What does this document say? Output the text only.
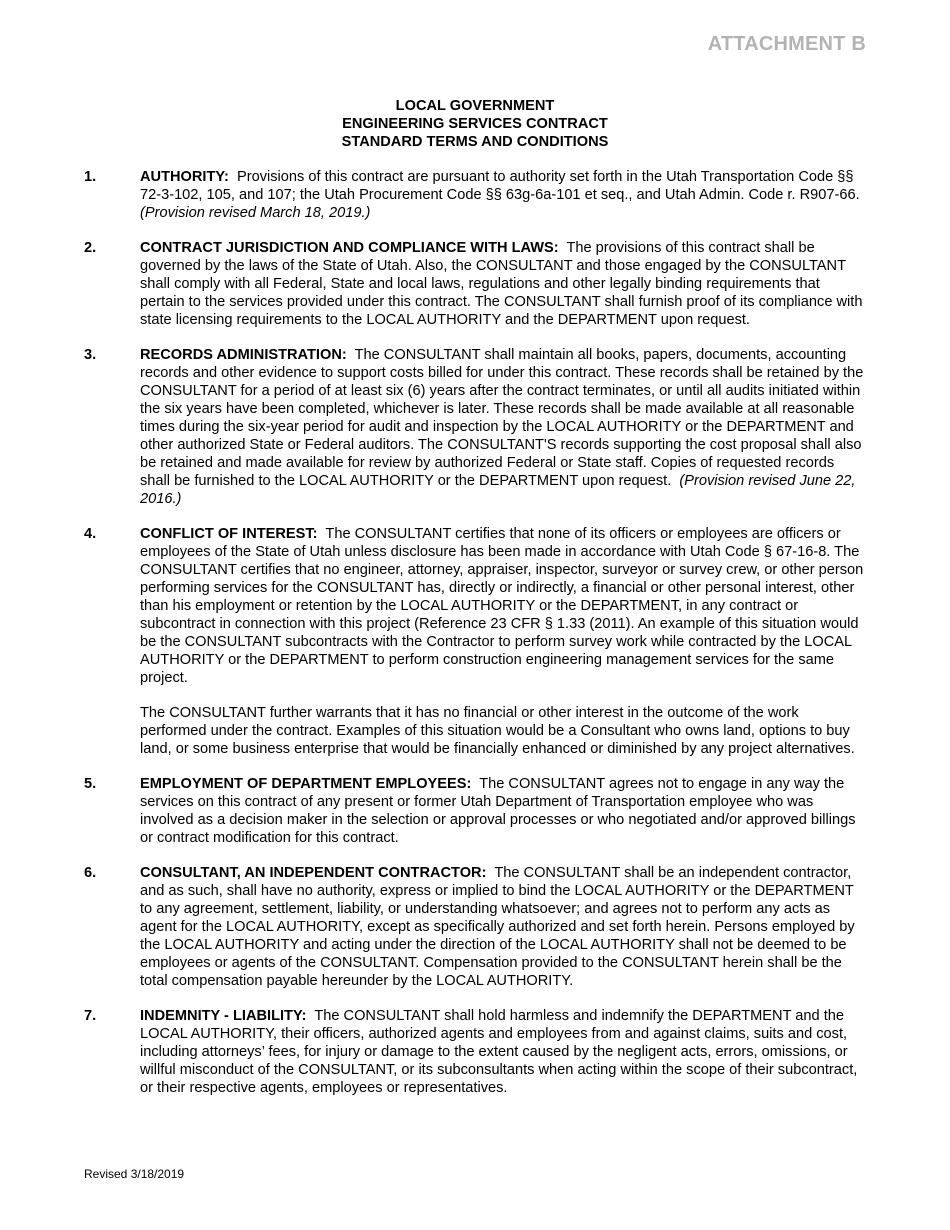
ATTACHMENT B
LOCAL GOVERNMENT
ENGINEERING SERVICES CONTRACT
STANDARD TERMS AND CONDITIONS
1.	AUTHORITY: Provisions of this contract are pursuant to authority set forth in the Utah Transportation Code §§ 72-3-102, 105, and 107; the Utah Procurement Code §§ 63g-6a-101 et seq., and Utah Admin. Code r. R907-66.  (Provision revised March 18, 2019.)
2.	CONTRACT JURISDICTION AND COMPLIANCE WITH LAWS: The provisions of this contract shall be governed by the laws of the State of Utah. Also, the CONSULTANT and those engaged by the CONSULTANT shall comply with all Federal, State and local laws, regulations and other legally binding requirements that pertain to the services provided under this contract. The CONSULTANT shall furnish proof of its compliance with state licensing requirements to the LOCAL AUTHORITY and the DEPARTMENT upon request.
3.	RECORDS ADMINISTRATION: The CONSULTANT shall maintain all books, papers, documents, accounting records and other evidence to support costs billed for under this contract. These records shall be retained by the CONSULTANT for a period of at least six (6) years after the contract terminates, or until all audits initiated within the six years have been completed, whichever is later. These records shall be made available at all reasonable times during the six-year period for audit and inspection by the LOCAL AUTHORITY or the DEPARTMENT and other authorized State or Federal auditors. The CONSULTANT'S records supporting the cost proposal shall also be retained and made available for review by authorized Federal or State staff. Copies of requested records shall be furnished to the LOCAL AUTHORITY or the DEPARTMENT upon request. (Provision revised June 22, 2016.)
4.	CONFLICT OF INTEREST: The CONSULTANT certifies that none of its officers or employees are officers or employees of the State of Utah unless disclosure has been made in accordance with Utah Code § 67-16-8. The CONSULTANT certifies that no engineer, attorney, appraiser, inspector, surveyor or survey crew, or other person performing services for the CONSULTANT has, directly or indirectly, a financial or other personal interest, other than his employment or retention by the LOCAL AUTHORITY or the DEPARTMENT, in any contract or subcontract in connection with this project (Reference 23 CFR § 1.33 (2011). An example of this situation would be the CONSULTANT subcontracts with the Contractor to perform survey work while contracted by the LOCAL AUTHORITY or the DEPARTMENT to perform construction engineering management services for the same project.
The CONSULTANT further warrants that it has no financial or other interest in the outcome of the work performed under the contract. Examples of this situation would be a Consultant who owns land, options to buy land, or some business enterprise that would be financially enhanced or diminished by any project alternatives.
5.	EMPLOYMENT OF DEPARTMENT EMPLOYEES: The CONSULTANT agrees not to engage in any way the services on this contract of any present or former Utah Department of Transportation employee who was involved as a decision maker in the selection or approval processes or who negotiated and/or approved billings or contract modification for this contract.
6.	CONSULTANT, AN INDEPENDENT CONTRACTOR: The CONSULTANT shall be an independent contractor, and as such, shall have no authority, express or implied to bind the LOCAL AUTHORITY or the DEPARTMENT to any agreement, settlement, liability, or understanding whatsoever; and agrees not to perform any acts as agent for the LOCAL AUTHORITY, except as specifically authorized and set forth herein. Persons employed by the LOCAL AUTHORITY and acting under the direction of the LOCAL AUTHORITY shall not be deemed to be employees or agents of the CONSULTANT. Compensation provided to the CONSULTANT herein shall be the total compensation payable hereunder by the LOCAL AUTHORITY.
7.	INDEMNITY - LIABILITY: The CONSULTANT shall hold harmless and indemnify the DEPARTMENT and the LOCAL AUTHORITY, their officers, authorized agents and employees from and against claims, suits and cost, including attorneys’ fees, for injury or damage to the extent caused by the negligent acts, errors, omissions, or willful misconduct of the CONSULTANT, or its subconsultants when acting within the scope of their subcontract, or their respective agents, employees or representatives.
Revised 3/18/2019
